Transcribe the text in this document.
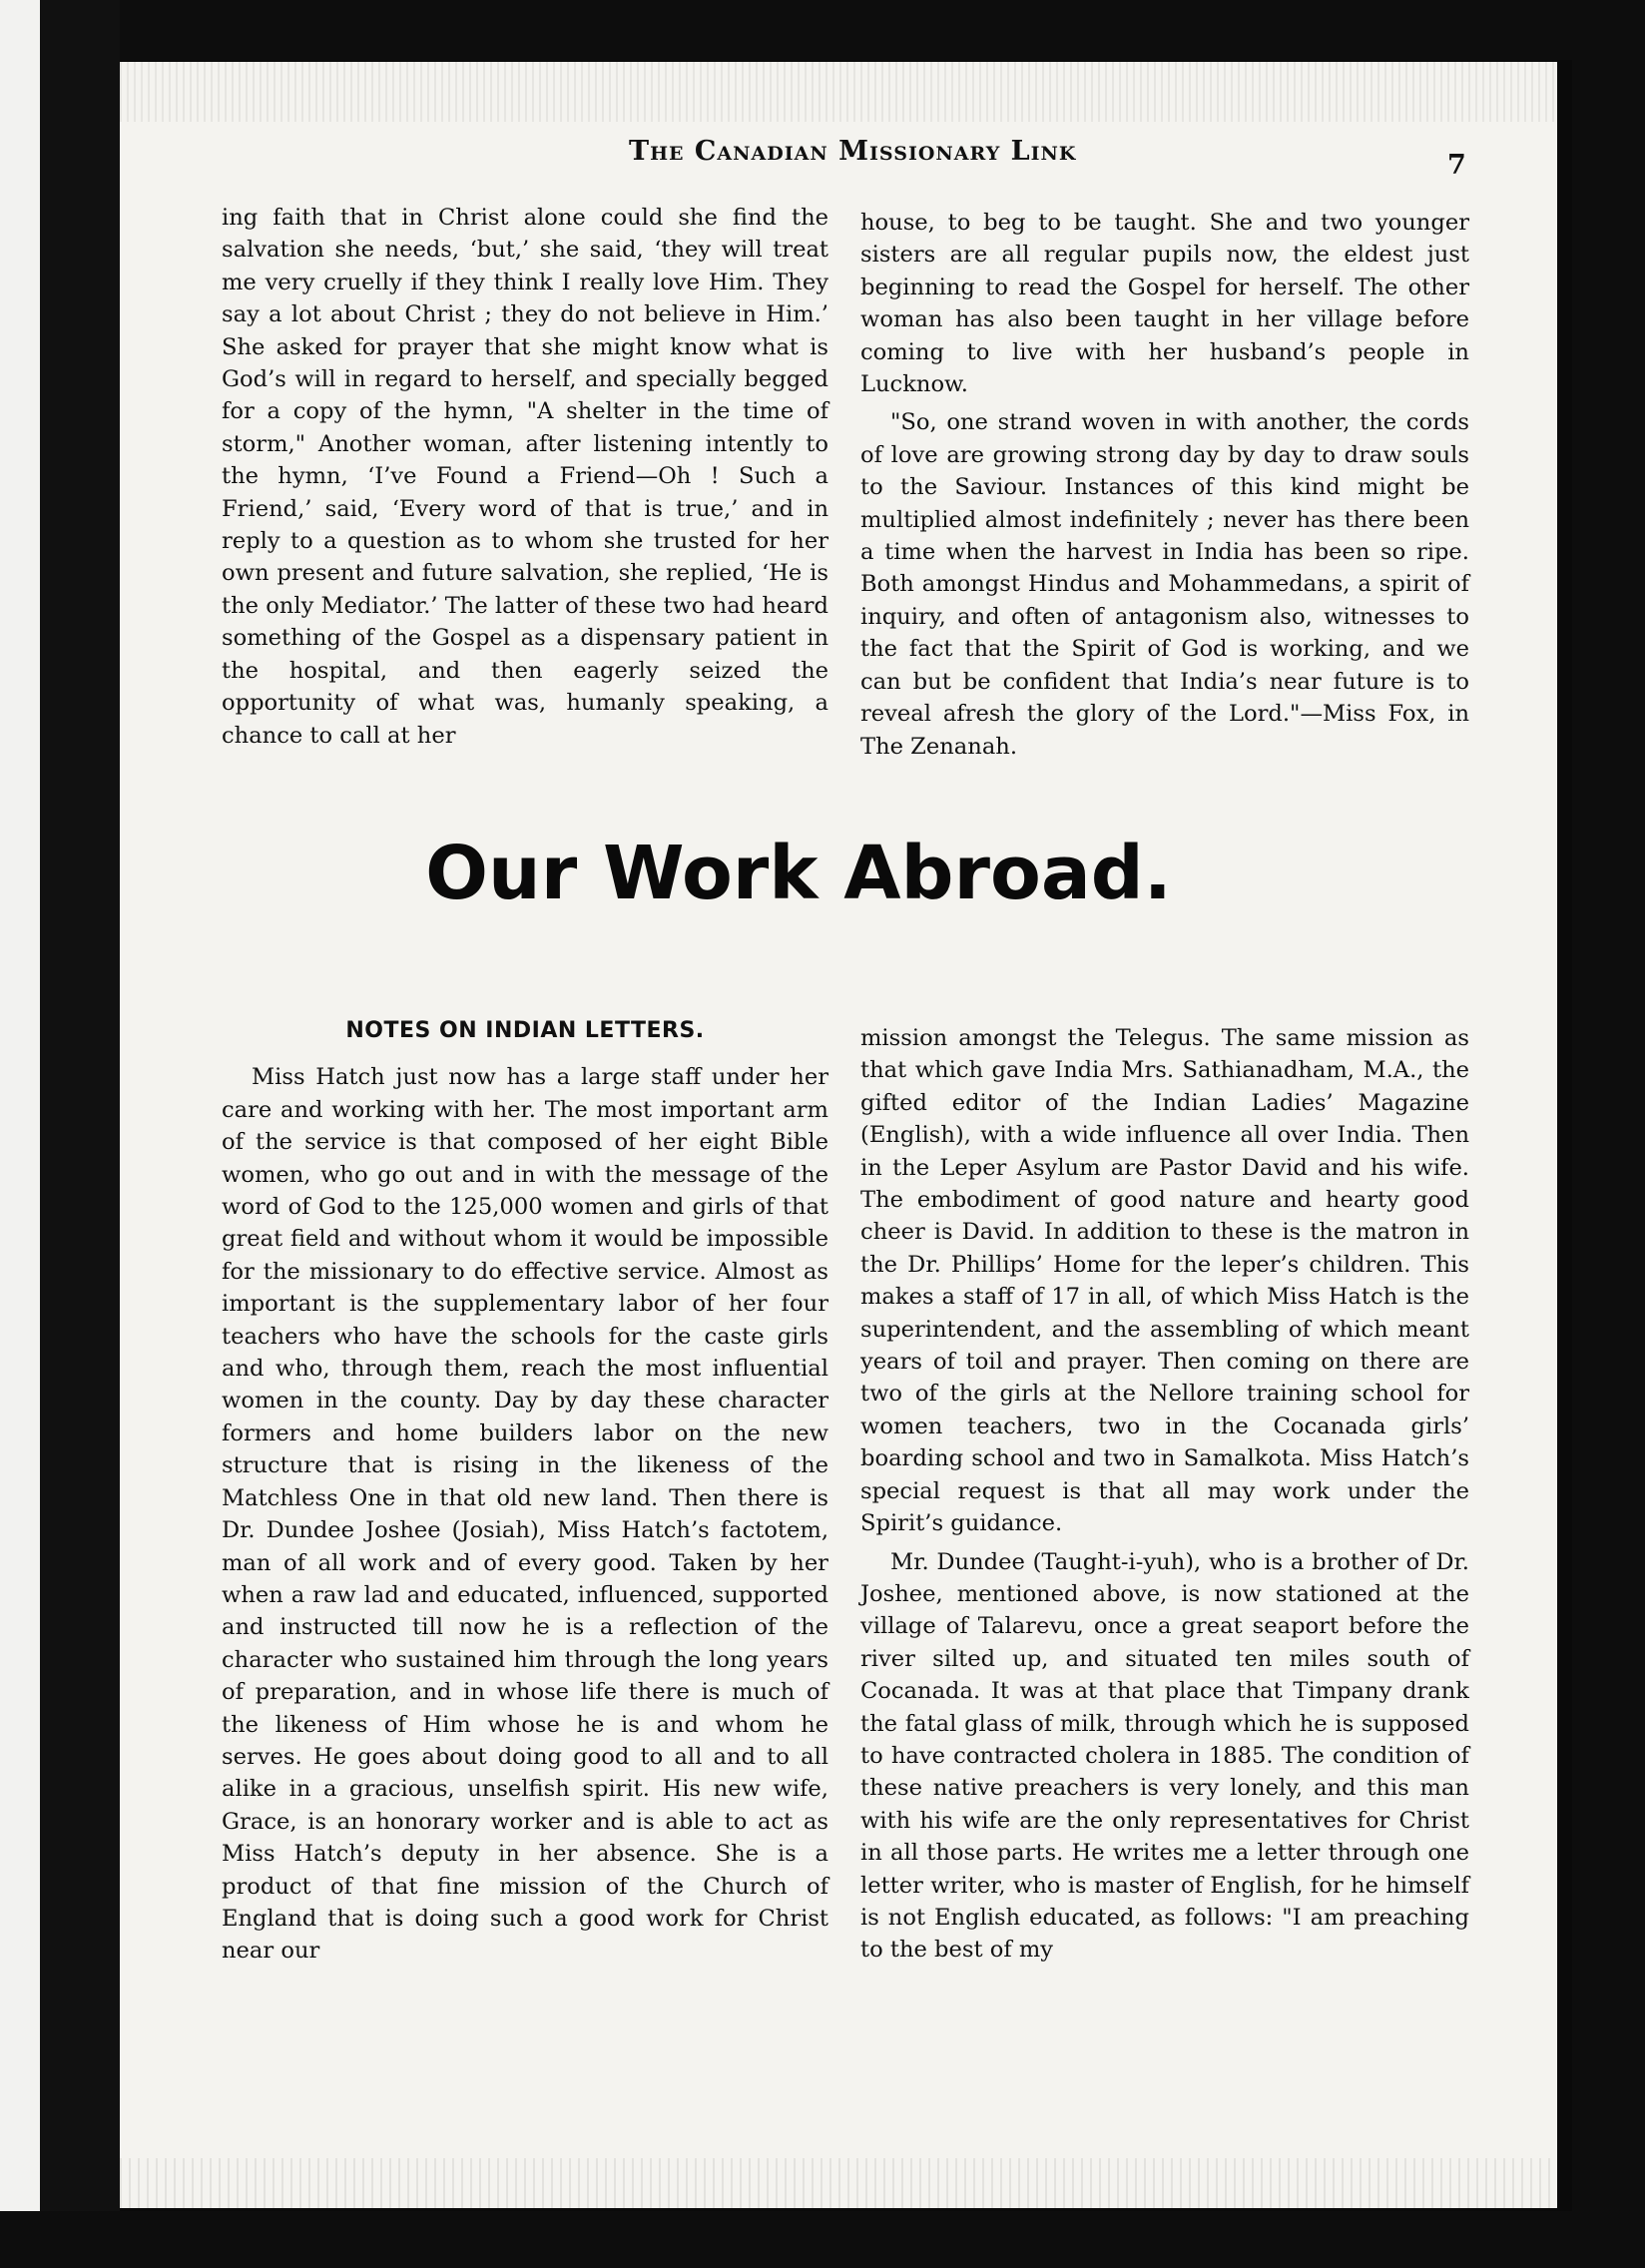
The Canadian Missionary Link	7

ing faith that in Christ alone could she find the salvation she needs, ‘but,’ she said, ‘they will treat me very cruelly if they think I really love Him. They say a lot about Christ ; they do not believe in Him.’ She asked for prayer that she might know what is God’s will in regard to herself, and specially begged for a copy of the hymn, "A shelter in the time of storm," Another woman, after listening intently to the hymn, ‘I’ve Found a Friend—Oh ! Such a Friend,’ said, ‘Every word of that is true,’ and in reply to a question as to whom she trusted for her own present and future salvation, she replied, ‘He is the only Mediator.’ The latter of these two had heard something of the Gospel as a dispensary patient in the hospital, and then eagerly seized the opportunity of what was, humanly speaking, a chance to call at her

house, to beg to be taught. She and two younger sisters are all regular pupils now, the eldest just beginning to read the Gospel for herself. The other woman has also been taught in her village before coming to live with her husband’s people in Lucknow.

"So, one strand woven in with another, the cords of love are growing strong day by day to draw souls to the Saviour. Instances of this kind might be multiplied almost indefinitely ; never has there been a time when the harvest in India has been so ripe. Both amongst Hindus and Mohammedans, a spirit of inquiry, and often of antagonism also, witnesses to the fact that the Spirit of God is working, and we can but be confident that India’s near future is to reveal afresh the glory of the Lord."—Miss Fox, in The Zenanah.

Our Work Abroad.

NOTES ON INDIAN LETTERS.

Miss Hatch just now has a large staff under her care and working with her. The most important arm of the service is that composed of her eight Bible women, who go out and in with the message of the word of God to the 125,000 women and girls of that great field and without whom it would be impossible for the missionary to do effective service. Almost as important is the supplementary labor of her four teachers who have the schools for the caste girls and who, through them, reach the most influential women in the county. Day by day these character formers and home builders labor on the new structure that is rising in the likeness of the Matchless One in that old new land. Then there is Dr. Dundee Joshee (Josiah), Miss Hatch’s factotem, man of all work and of every good. Taken by her when a raw lad and educated, influenced, supported and instructed till now he is a reflection of the character who sustained him through the long years of preparation, and in whose life there is much of the likeness of Him whose he is and whom he serves. He goes about doing good to all and to all alike in a gracious, unselfish spirit. His new wife, Grace, is an honorary worker and is able to act as Miss Hatch’s deputy in her absence. She is a product of that fine mission of the Church of England that is doing such a good work for Christ near our

mission amongst the Telegus. The same mission as that which gave India Mrs. Sathianadham, M.A., the gifted editor of the Indian Ladies’ Magazine (English), with a wide influence all over India. Then in the Leper Asylum are Pastor David and his wife. The embodiment of good nature and hearty good cheer is David. In addition to these is the matron in the Dr. Phillips’ Home for the leper’s children. This makes a staff of 17 in all, of which Miss Hatch is the superintendent, and the assembling of which meant years of toil and prayer. Then coming on there are two of the girls at the Nellore training school for women teachers, two in the Cocanada girls’ boarding school and two in Samalkota. Miss Hatch’s special request is that all may work under the Spirit’s guidance.

Mr. Dundee (Taught-i-yuh), who is a brother of Dr. Joshee, mentioned above, is now stationed at the village of Talarevu, once a great seaport before the river silted up, and situated ten miles south of Cocanada. It was at that place that Timpany drank the fatal glass of milk, through which he is supposed to have contracted cholera in 1885. The condition of these native preachers is very lonely, and this man with his wife are the only representatives for Christ in all those parts. He writes me a letter through one letter writer, who is master of English, for he himself is not English educated, as follows: "I am preaching to the best of my
